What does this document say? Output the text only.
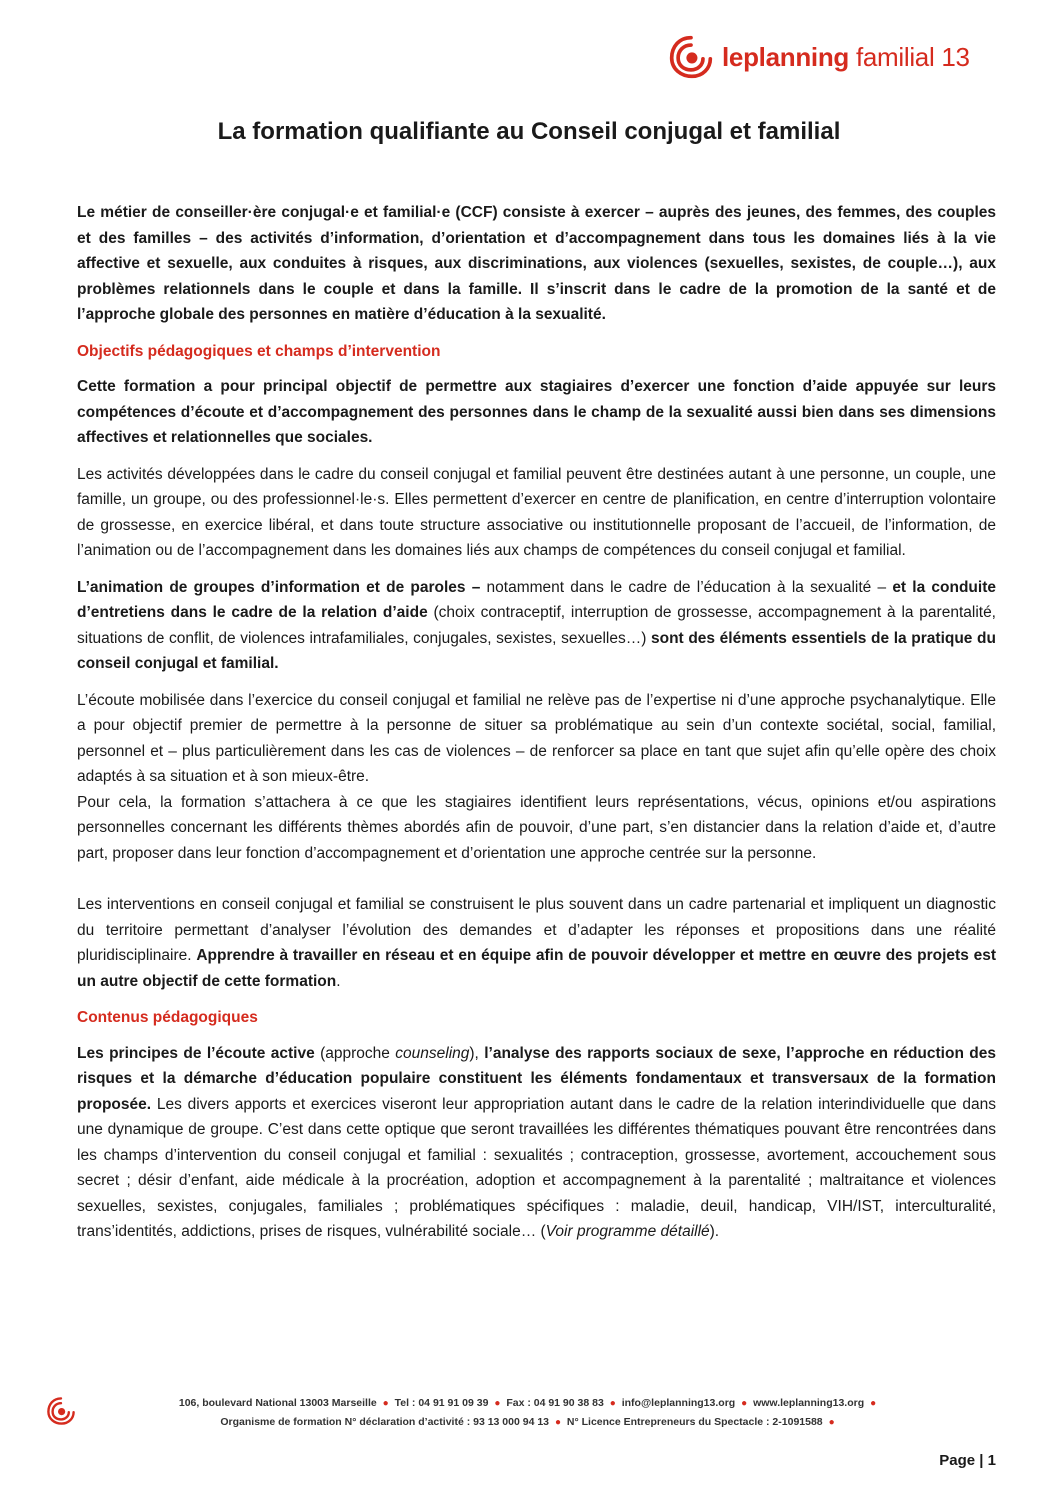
leplanning familial 13
La formation qualifiante au Conseil conjugal et familial

Le métier de conseiller·ère conjugal·e et familial·e (CCF) consiste à exercer – auprès des jeunes, des femmes, des couples et des familles – des activités d’information, d’orientation et d’accompagnement dans tous les domaines liés à la vie affective et sexuelle, aux conduites à risques, aux discriminations, aux violences (sexuelles, sexistes, de couple…), aux problèmes relationnels dans le couple et dans la famille. Il s’inscrit dans le cadre de la promotion de la santé et de l’approche globale des personnes en matière d’éducation à la sexualité.

Objectifs pédagogiques et champs d’intervention

Cette formation a pour principal objectif de permettre aux stagiaires d’exercer une fonction d’aide appuyée sur leurs compétences d’écoute et d’accompagnement des personnes dans le champ de la sexualité aussi bien dans ses dimensions affectives et relationnelles que sociales.

Les activités développées dans le cadre du conseil conjugal et familial peuvent être destinées autant à une personne, un couple, une famille, un groupe, ou des professionnel·le·s. Elles permettent d’exercer en centre de planification, en centre d’interruption volontaire de grossesse, en exercice libéral, et dans toute structure associative ou institutionnelle proposant de l’accueil, de l’information, de l’animation ou de l’accompagnement dans les domaines liés aux champs de compétences du conseil conjugal et familial.

L’animation de groupes d’information et de paroles – notamment dans le cadre de l’éducation à la sexualité – et la conduite d’entretiens dans le cadre de la relation d’aide (choix contraceptif, interruption de grossesse, accompagnement à la parentalité, situations de conflit, de violences intrafamiliales, conjugales, sexistes, sexuelles…) sont des éléments essentiels de la pratique du conseil conjugal et familial.

L’écoute mobilisée dans l’exercice du conseil conjugal et familial ne relève pas de l’expertise ni d’une approche psychanalytique. Elle a pour objectif premier de permettre à la personne de situer sa problématique au sein d’un contexte sociétal, social, familial, personnel et – plus particulièrement dans les cas de violences – de renforcer sa place en tant que sujet afin qu’elle opère des choix adaptés à sa situation et à son mieux-être.

Pour cela, la formation s’attachera à ce que les stagiaires identifient leurs représentations, vécus, opinions et/ou aspirations personnelles concernant les différents thèmes abordés afin de pouvoir, d’une part, s’en distancier dans la relation d’aide et, d’autre part, proposer dans leur fonction d’accompagnement et d’orientation une approche centrée sur la personne.

Les interventions en conseil conjugal et familial se construisent le plus souvent dans un cadre partenarial et impliquent un diagnostic du territoire permettant d’analyser l’évolution des demandes et d’adapter les réponses et propositions dans une réalité pluridisciplinaire. Apprendre à travailler en réseau et en équipe afin de pouvoir développer et mettre en œuvre des projets est un autre objectif de cette formation.

Contenus pédagogiques

Les principes de l’écoute active (approche counseling), l’analyse des rapports sociaux de sexe, l’approche en réduction des risques et la démarche d’éducation populaire constituent les éléments fondamentaux et transversaux de la formation proposée. Les divers apports et exercices viseront leur appropriation autant dans le cadre de la relation interindividuelle que dans une dynamique de groupe. C’est dans cette optique que seront travaillées les différentes thématiques pouvant être rencontrées dans les champs d’intervention du conseil conjugal et familial : sexualités ; contraception, grossesse, avortement, accouchement sous secret ; désir d’enfant, aide médicale à la procréation, adoption et accompagnement à la parentalité ; maltraitance et violences sexuelles, sexistes, conjugales, familiales ; problématiques spécifiques : maladie, deuil, handicap, VIH/IST, interculturalité, trans’identités, addictions, prises de risques, vulnérabilité sociale… (Voir programme détaillé).

106, boulevard National 13003 Marseille ● Tel : 04 91 91 09 39 ● Fax : 04 91 90 38 83 ● info@leplanning13.org ● www.leplanning13.org ●
Organisme de formation N° déclaration d’activité : 93 13 000 94 13 ● N° Licence Entrepreneurs du Spectacle : 2-1091588 ●
Page | 1
